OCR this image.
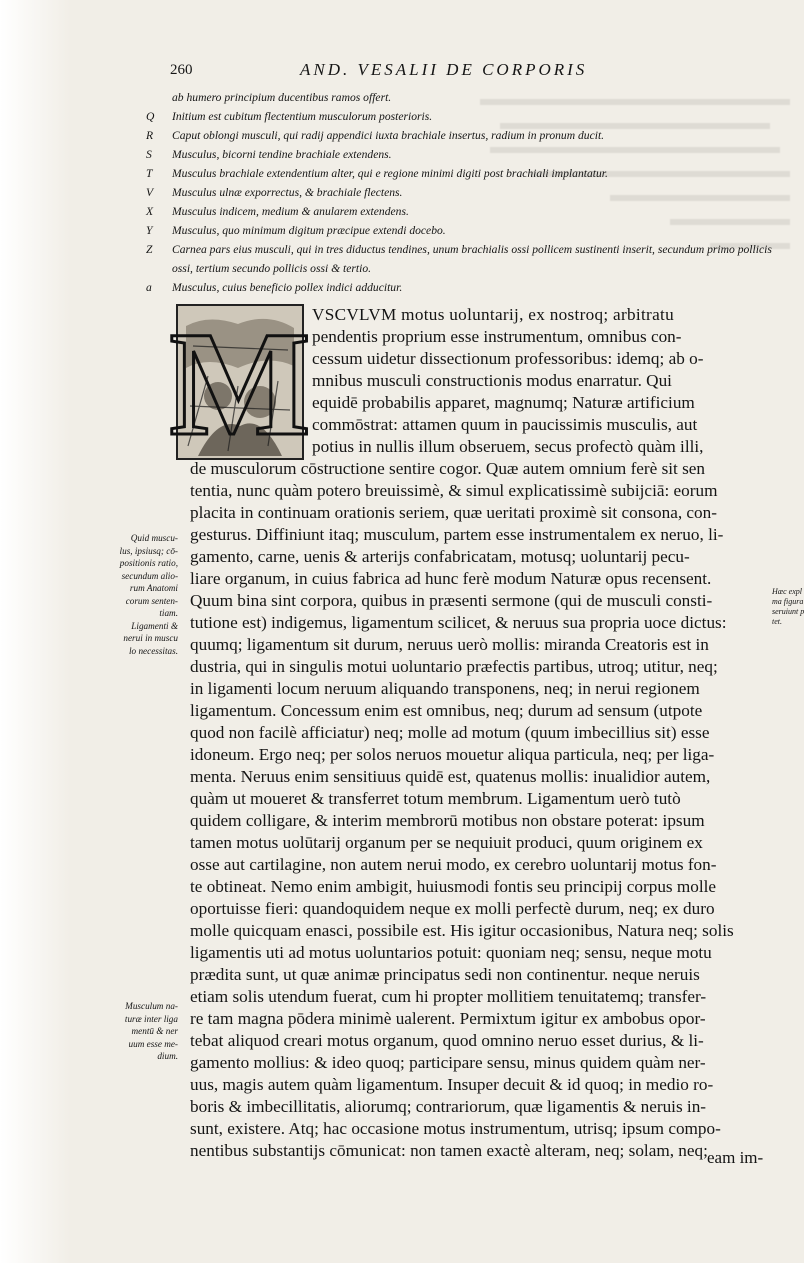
260	AND. VESALII DE CORPORIS
ab humero principium ducentibus ramos offert.
Q	Initium est cubitum flectentium musculorum posterioris.
R	Caput oblongi musculi, qui radij appendici iuxta brachiale insertus, radium in pronum ducit.
S	Musculus, bicorni tendine brachiale extendens.
T	Musculus brachiale extendentium alter, qui e regione minimi digiti post brachiali implantatur.
V	Musculus ulnæ exporrectus, & brachiale flectens.
X	Musculus indicem, medium & anularem extendens.
Y	Musculus, quo minimum digitum præcipue extendi docebo.
Z	Carnea pars eius musculi, qui in tres diductus tendines, unum brachialis ossi pollicem sustinenti inserit, secundum primo pollicis ossi, tertium secundo pollicis ossi & tertio.
a	Musculus, cuius beneficio pollex indici adducitur.
M VSCVLVM motus uoluntarij, ex nostroq; arbitratu
pendentis proprium esse instrumentum, omnibus con-
cessum uidetur dissectionum professoribus: idemq; ab o-
mnibus musculi constructionis modus enarratur. Qui
equidē probabilis apparet, magnumq; Naturæ artificium
commōstrat: attamen quum in paucissimis musculis, aut
potius in nullis illum obseruem, secus profectò quàm illi,
de musculorum cōstructione sentire cogor. Quæ autem omnium ferè sit sen
tentia, nunc quàm potero breuissimè, & simul explicatissimè subijciā: eorum
placita in continuam orationis seriem, quæ ueritati proximè sit consona, con-
gesturus. Diffiniunt itaq; musculum, partem esse instrumentalem ex neruo, li-
gamento, carne, uenis & arterijs confabricatam, motusq; uoluntarij pecu-
liare organum, in cuius fabrica ad hunc ferè modum Naturæ opus recensent.
Quum bina sint corpora, quibus in præsenti sermone (qui de musculi consti-
tutione est) indigemus, ligamentum scilicet, & neruus sua propria uoce dictus:
quumq; ligamentum sit durum, neruus uerò mollis: miranda Creatoris est in
dustria, qui in singulis motui uoluntario præfectis partibus, utroq; utitur, neq;
in ligamenti locum neruum aliquando transponens, neq; in nerui regionem
ligamentum. Concessum enim est omnibus, neq; durum ad sensum (utpote
quod non facilè afficiatur) neq; molle ad motum (quum imbecillius sit) esse
idoneum. Ergo neq; per solos neruos mouetur aliqua particula, neq; per liga-
menta. Neruus enim sensitiuus quidē est, quatenus mollis: inualidior autem,
quàm ut moueret & transferret totum membrum. Ligamentum uerò tutò
quidem colligare, & interim membrorū motibus non obstare poterat: ipsum
tamen motus uolūtarij organum per se nequiuit produci, quum originem ex
osse aut cartilagine, non autem nerui modo, ex cerebro uoluntarij motus fon-
te obtineat. Nemo enim ambigit, huiusmodi fontis seu principij corpus molle
oportuisse fieri: quandoquidem neque ex molli perfectè durum, neq; ex duro
molle quicquam enasci, possibile est. His igitur occasionibus, Natura neq; solis
ligamentis uti ad motus uoluntarios potuit: quoniam neq; sensu, neque motu
prædita sunt, ut quæ animæ principatus sedi non continentur. neque neruis
etiam solis utendum fuerat, cum hi propter mollitiem tenuitatemq; transfer-
re tam magna pōdera minimè ualerent. Permixtum igitur ex ambobus opor-
tebat aliquod creari motus organum, quod omnino neruo esset durius, & li-
gamento mollius: & ideo quoq; participare sensu, minus quidem quàm ner-
uus, magis autem quàm ligamentum. Insuper decuit & id quoq; in medio ro-
boris & imbecillitatis, aliorumq; contrariorum, quæ ligamentis & neruis in-
sunt, existere. Atq; hac occasione motus instrumentum, utrisq; ipsum compo-
nentibus substantijs cōmunicat: non tamen exactè alteram, neq; solam, neq; eam im-
Quid muscu-
lus, ipsiusq; cō-
positionis ratio,
secundum alio-
rum Anatomi
corum senten-
tiam.
Ligamenti &
nerui in muscu
lo necessitas.
Musculum na-
turæ inter liga
mentū & ner
uum esse me-
dium.
Hæc expl
ma figura
seruiunt p
tet.
